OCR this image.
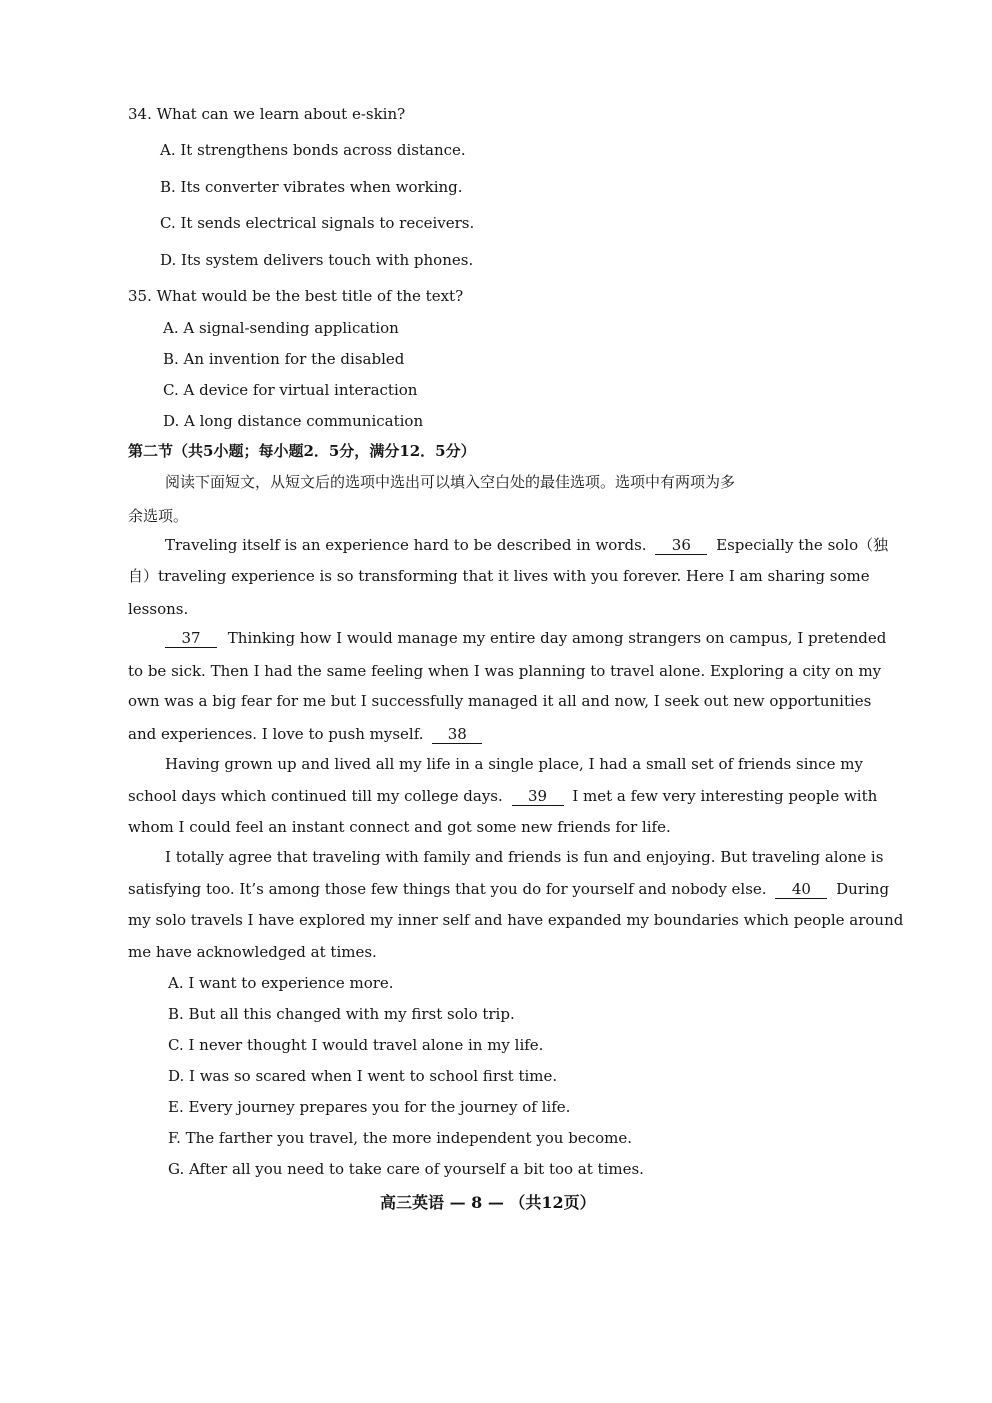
34. What can we learn about e-skin?
A. It strengthens bonds across distance.
B. Its converter vibrates when working.
C. It sends electrical signals to receivers.
D. Its system delivers touch with phones.
35. What would be the best title of the text?
A. A signal-sending application
B. An invention for the disabled
C. A device for virtual interaction
D. A long distance communication
第二节（共5小题；每小题2．5分，满分12．5分）
阅读下面短文，从短文后的选项中选出可以填入空白处的最佳选项。选项中有两项为多
余选项。
Traveling itself is an experience hard to be described in words. 36 Especially the solo（独
自）traveling experience is so transforming that it lives with you forever. Here I am sharing some
lessons.
37 Thinking how I would manage my entire day among strangers on campus, I pretended
to be sick. Then I had the same feeling when I was planning to travel alone. Exploring a city on my
own was a big fear for me but I successfully managed it all and now, I seek out new opportunities
and experiences. I love to push myself. 38
Having grown up and lived all my life in a single place, I had a small set of friends since my
school days which continued till my college days. 39 I met a few very interesting people with
whom I could feel an instant connect and got some new friends for life.
I totally agree that traveling with family and friends is fun and enjoying. But traveling alone is
satisfying too. It’s among those few things that you do for yourself and nobody else. 40 During
my solo travels I have explored my inner self and have expanded my boundaries which people around
me have acknowledged at times.
A. I want to experience more.
B. But all this changed with my first solo trip.
C. I never thought I would travel alone in my life.
D. I was so scared when I went to school first time.
E. Every journey prepares you for the journey of life.
F. The farther you travel, the more independent you become.
G. After all you need to take care of yourself a bit too at times.
高三英语 — 8 — （共12页）
